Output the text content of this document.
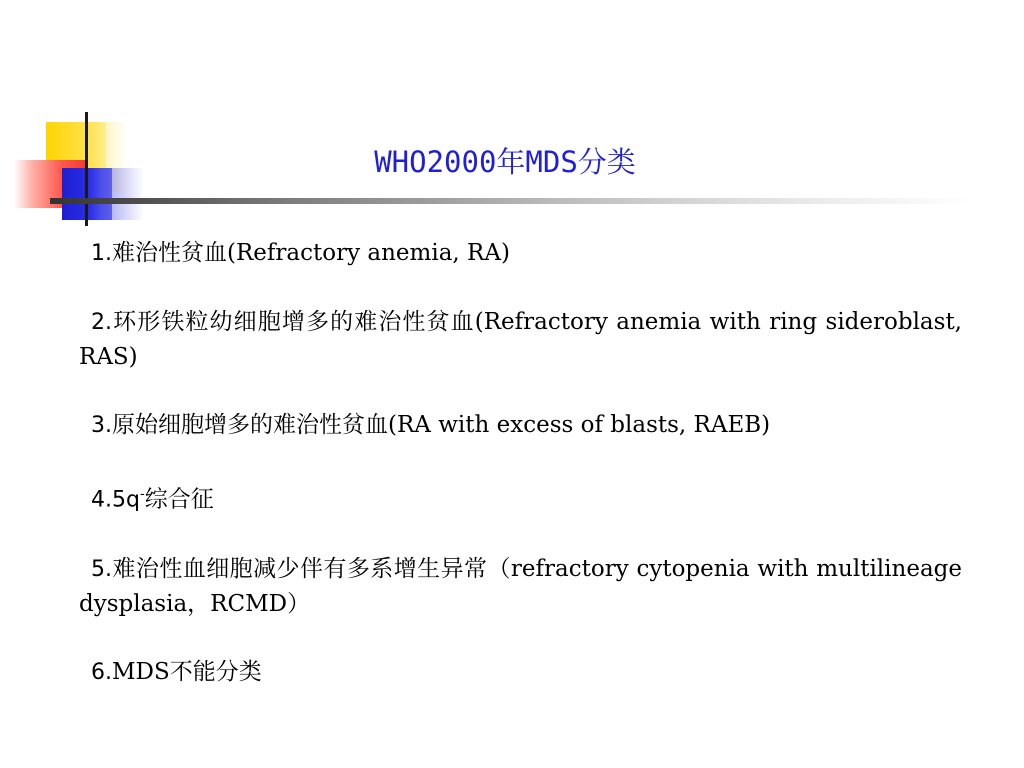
WHO2000年MDS分类
1.难治性贫血(Refractory anemia, RA)
2.环形铁粒幼细胞增多的难治性贫血(Refractory anemia with ring sideroblast, RAS)
3.原始细胞增多的难治性贫血(RA with excess of blasts, RAEB)
4.5q-综合征
5.难治性血细胞减少伴有多系增生异常（refractory cytopenia with multilineage dysplasia，RCMD）
6.MDS不能分类
